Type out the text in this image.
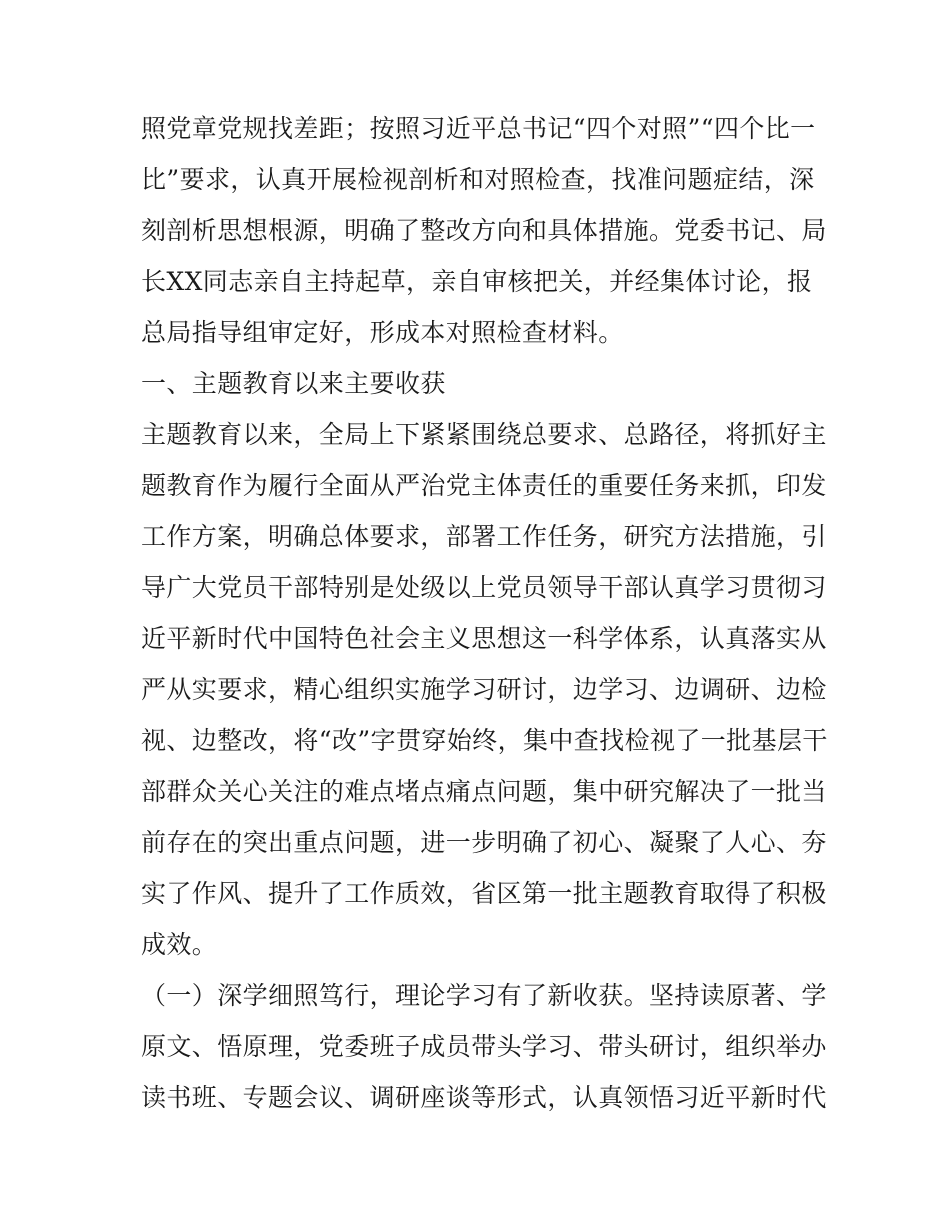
照党章党规找差距；按照习近平总书记“四个对照”“四个比一
比”要求，认真开展检视剖析和对照检查，找准问题症结，深
刻剖析思想根源，明确了整改方向和具体措施。党委书记、局
长XX同志亲自主持起草，亲自审核把关，并经集体讨论，报
总局指导组审定好，形成本对照检查材料。
一、主题教育以来主要收获
主题教育以来，全局上下紧紧围绕总要求、总路径，将抓好主
题教育作为履行全面从严治党主体责任的重要任务来抓，印发
工作方案，明确总体要求，部署工作任务，研究方法措施，引
导广大党员干部特别是处级以上党员领导干部认真学习贯彻习
近平新时代中国特色社会主义思想这一科学体系，认真落实从
严从实要求，精心组织实施学习研讨，边学习、边调研、边检
视、边整改，将“改”字贯穿始终，集中查找检视了一批基层干
部群众关心关注的难点堵点痛点问题，集中研究解决了一批当
前存在的突出重点问题，进一步明确了初心、凝聚了人心、夯
实了作风、提升了工作质效，省区第一批主题教育取得了积极
成效。
（一）深学细照笃行，理论学习有了新收获。坚持读原著、学
原文、悟原理，党委班子成员带头学习、带头研讨，组织举办
读书班、专题会议、调研座谈等形式，认真领悟习近平新时代
